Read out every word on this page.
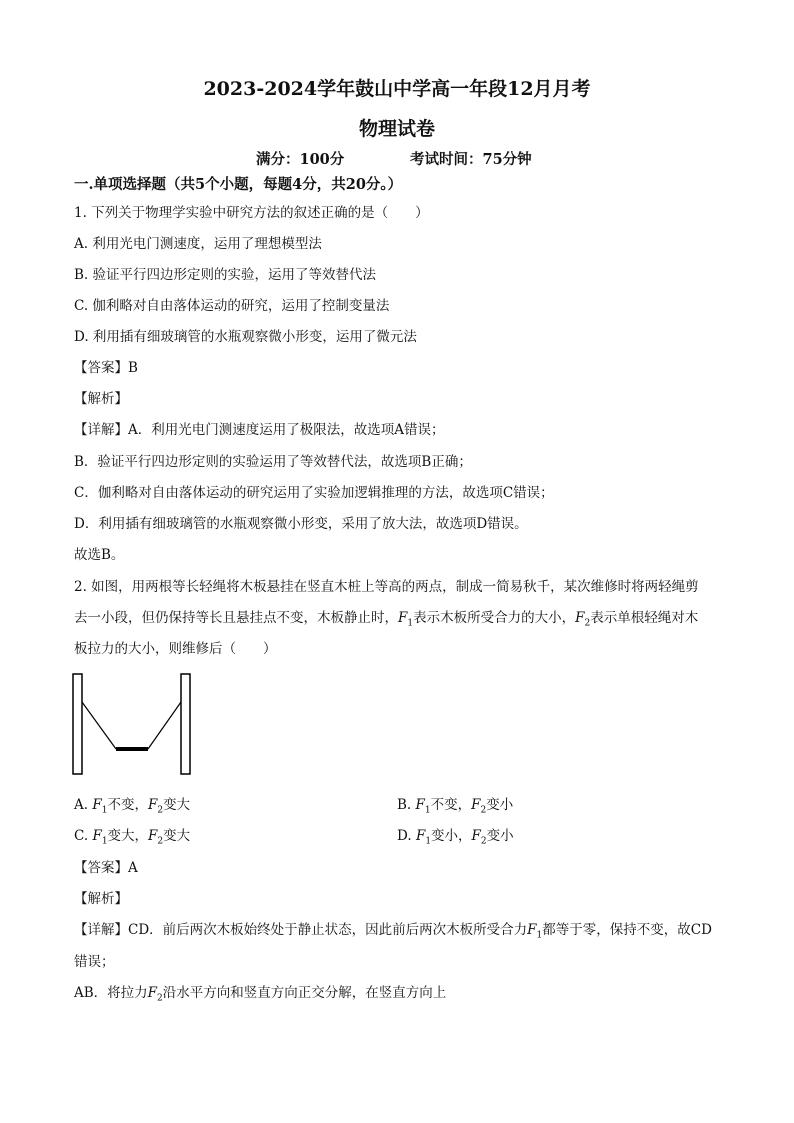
2023-2024学年鼓山中学高一年段12月月考
物理试卷
满分：100分	考试时间：75分钟
一.单项选择题（共5个小题，每题4分，共20分。）
1. 下列关于物理学实验中研究方法的叙述正确的是（　　）
A. 利用光电门测速度，运用了理想模型法
B. 验证平行四边形定则的实验，运用了等效替代法
C. 伽利略对自由落体运动的研究，运用了控制变量法
D. 利用插有细玻璃管的水瓶观察微小形变，运用了微元法
【答案】B
【解析】
【详解】A．利用光电门测速度运用了极限法，故选项A错误；
B．验证平行四边形定则的实验运用了等效替代法，故选项B正确；
C．伽利略对自由落体运动的研究运用了实验加逻辑推理的方法，故选项C错误；
D．利用插有细玻璃管的水瓶观察微小形变，采用了放大法，故选项D错误。
故选B。
2. 如图，用两根等长轻绳将木板悬挂在竖直木桩上等高的两点，制成一简易秋千，某次维修时将两轻绳剪
去一小段，但仍保持等长且悬挂点不变，木板静止时，$F_1$表示木板所受合力的大小，$F_2$表示单根轻绳对木
板拉力的大小，则维修后（　　）
A. $F_1$不变，$F_2$变大	B. $F_1$不变，$F_2$变小
C. $F_1$变大，$F_2$变大	D. $F_1$变小，$F_2$变小
【答案】A
【解析】
【详解】CD．前后两次木板始终处于静止状态，因此前后两次木板所受合力$F_1$都等于零，保持不变，故CD
错误；
AB．将拉力$F_2$沿水平方向和竖直方向正交分解，在竖直方向上
